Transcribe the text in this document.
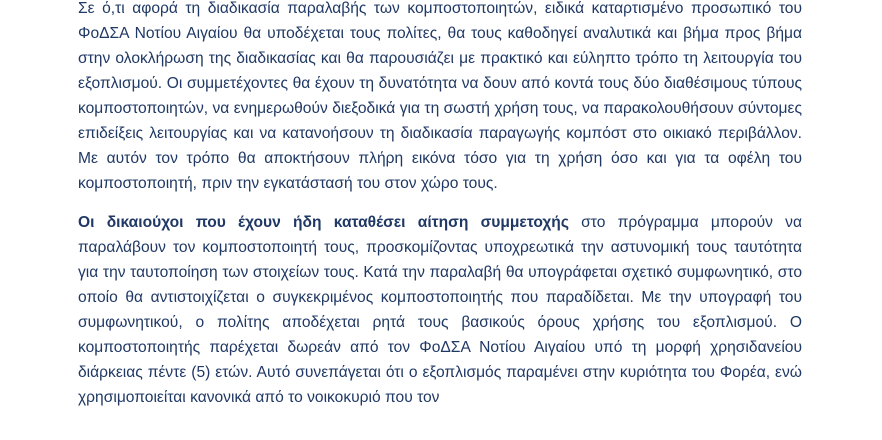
Σε ό,τι αφορά τη διαδικασία παραλαβής των κομποστοποιητών, ειδικά καταρτισμένο προσωπικό του ΦοΔΣΑ Νοτίου Αιγαίου θα υποδέχεται τους πολίτες, θα τους καθοδηγεί αναλυτικά και βήμα προς βήμα στην ολοκλήρωση της διαδικασίας και θα παρουσιάζει με πρακτικό και εύληπτο τρόπο τη λειτουργία του εξοπλισμού. Οι συμμετέχοντες θα έχουν τη δυνατότητα να δουν από κοντά τους δύο διαθέσιμους τύπους κομποστοποιητών, να ενημερωθούν διεξοδικά για τη σωστή χρήση τους, να παρακολουθήσουν σύντομες επιδείξεις λειτουργίας και να κατανοήσουν τη διαδικασία παραγωγής κομπόστ στο οικιακό περιβάλλον. Με αυτόν τον τρόπο θα αποκτήσουν πλήρη εικόνα τόσο για τη χρήση όσο και για τα οφέλη του κομποστοποιητή, πριν την εγκατάστασή του στον χώρο τους.

Οι δικαιούχοι που έχουν ήδη καταθέσει αίτηση συμμετοχής στο πρόγραμμα μπορούν να παραλάβουν τον κομποστοποιητή τους, προσκομίζοντας υποχρεωτικά την αστυνομική τους ταυτότητα για την ταυτοποίηση των στοιχείων τους. Κατά την παραλαβή θα υπογράφεται σχετικό συμφωνητικό, στο οποίο θα αντιστοιχίζεται ο συγκεκριμένος κομποστοποιητής που παραδίδεται. Με την υπογραφή του συμφωνητικού, ο πολίτης αποδέχεται ρητά τους βασικούς όρους χρήσης του εξοπλισμού. Ο κομποστοποιητής παρέχεται δωρεάν από τον ΦοΔΣΑ Νοτίου Αιγαίου υπό τη μορφή χρησιδανείου διάρκειας πέντε (5) ετών. Αυτό συνεπάγεται ότι ο εξοπλισμός παραμένει στην κυριότητα του Φορέα, ενώ χρησιμοποιείται κανονικά από το νοικοκυριό που τον
